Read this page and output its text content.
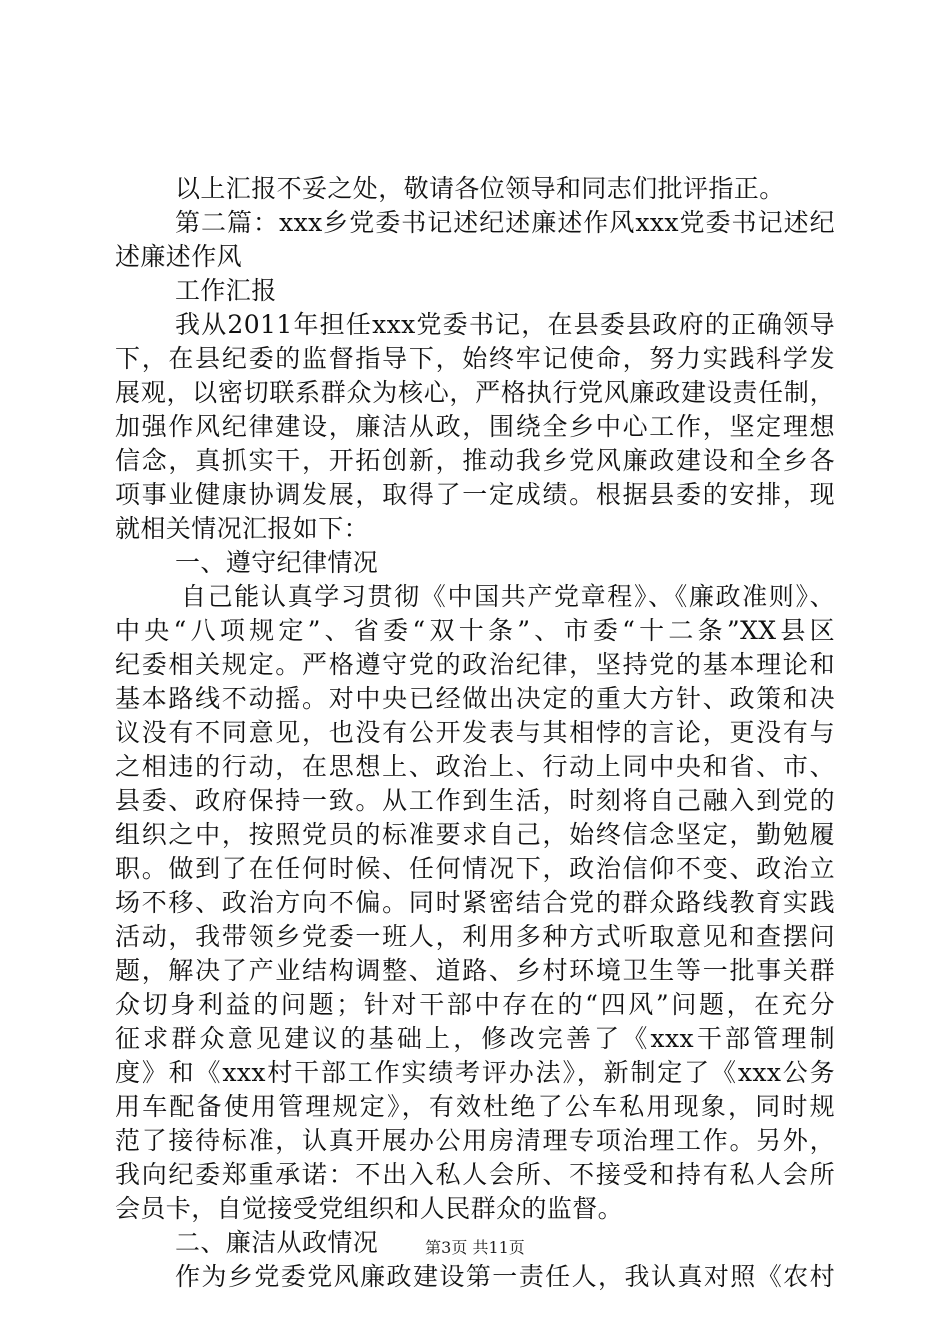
以上汇报不妥之处，敬请各位领导和同志们批评指正。
第二篇：xxx乡党委书记述纪述廉述作风xxx党委书记述纪
述廉述作风
工作汇报
我从2011年担任xxx党委书记，在县委县政府的正确领导
下，在县纪委的监督指导下，始终牢记使命，努力实践科学发
展观，以密切联系群众为核心，严格执行党风廉政建设责任制，
加强作风纪律建设，廉洁从政，围绕全乡中心工作，坚定理想
信念，真抓实干，开拓创新，推动我乡党风廉政建设和全乡各
项事业健康协调发展，取得了一定成绩。根据县委的安排，现
就相关情况汇报如下：
一、遵守纪律情况
自己能认真学习贯彻《中国共产党章程》、《廉政准则》、
中央“八项规定”、省委“双十条”、市委“十二条”XX县区
纪委相关规定。严格遵守党的政治纪律，坚持党的基本理论和
基本路线不动摇。对中央已经做出决定的重大方针、政策和决
议没有不同意见，也没有公开发表与其相悖的言论，更没有与
之相违的行动，在思想上、政治上、行动上同中央和省、市、
县委、政府保持一致。从工作到生活，时刻将自己融入到党的
组织之中，按照党员的标准要求自己，始终信念坚定，勤勉履
职。做到了在任何时候、任何情况下，政治信仰不变、政治立
场不移、政治方向不偏。同时紧密结合党的群众路线教育实践
活动，我带领乡党委一班人，利用多种方式听取意见和查摆问
题，解决了产业结构调整、道路、乡村环境卫生等一批事关群
众切身利益的问题；针对干部中存在的“四风”问题，在充分
征求群众意见建议的基础上，修改完善了《xxx干部管理制
度》和《xxx村干部工作实绩考评办法》，新制定了《xxx公务
用车配备使用管理规定》，有效杜绝了公车私用现象，同时规
范了接待标准，认真开展办公用房清理专项治理工作。另外，
我向纪委郑重承诺：不出入私人会所、不接受和持有私人会所
会员卡，自觉接受党组织和人民群众的监督。
二、廉洁从政情况
作为乡党委党风廉政建设第一责任人，我认真对照《农村
第3页 共11页
